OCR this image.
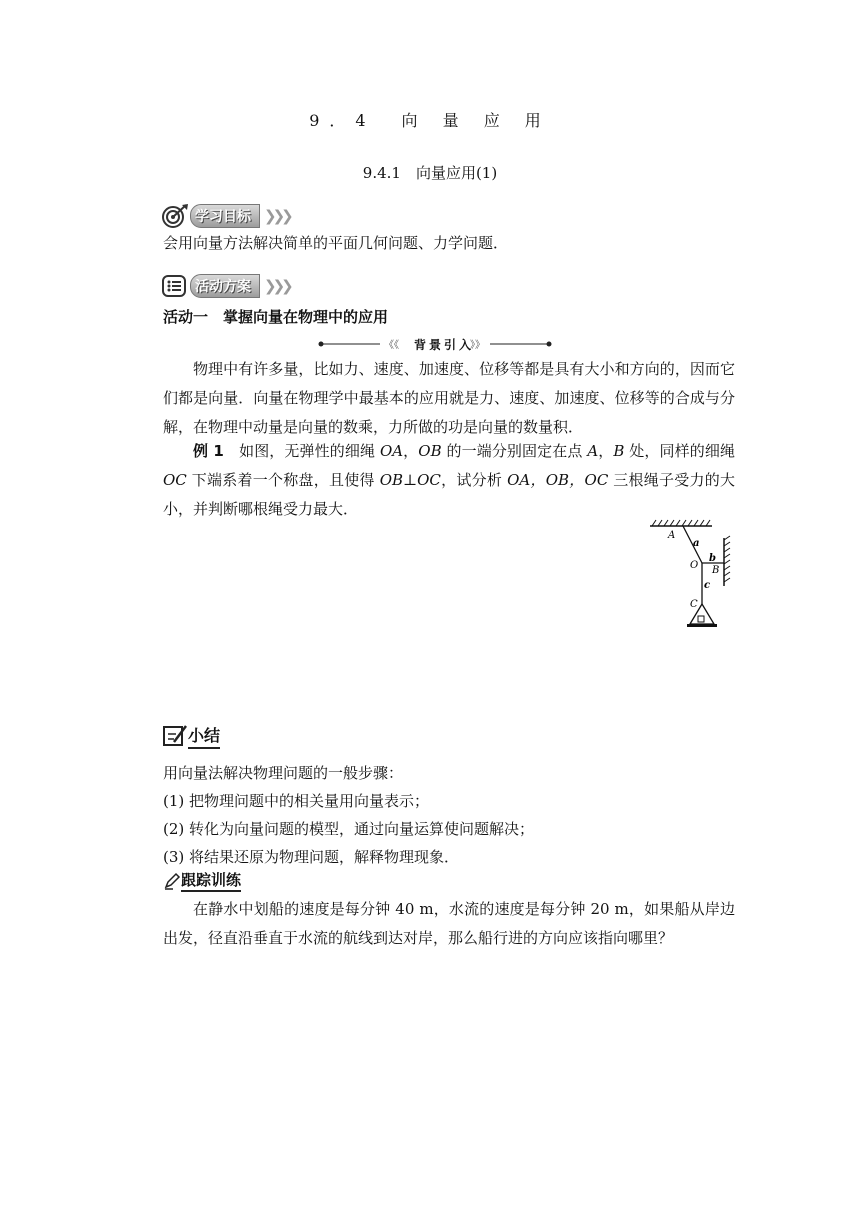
9．4　向 量 应 用
9.4.1　向量应用(1)
学习目标 ❯❯❯
会用向量方法解决简单的平面几何问题、力学问题．
活动方案 ❯❯❯
活动一　掌握向量在物理中的应用
《《	》》
背景引入
物理中有许多量，比如力、速度、加速度、位移等都是具有大小和方向的，因而它们都是向量．向量在物理学中最基本的应用就是力、速度、加速度、位移等的合成与分解，在物理中动量是向量的数乘，力所做的功是向量的数量积．
例 1　如图，无弹性的细绳 OA，OB 的一端分别固定在点 A，B 处，同样的细绳 OC 下端系着一个称盘，且使得 OB⊥OC，试分析 OA，OB，OC 三根绳子受力的大小，并判断哪根绳受力最大．
A
a
b
B
O
c
C
小结
用向量法解决物理问题的一般步骤：
(1) 把物理问题中的相关量用向量表示；
(2) 转化为向量问题的模型，通过向量运算使问题解决；
(3) 将结果还原为物理问题，解释物理现象．
跟踪训练
在静水中划船的速度是每分钟 40 m，水流的速度是每分钟 20 m，如果船从岸边出发，径直沿垂直于水流的航线到达对岸，那么船行进的方向应该指向哪里？
